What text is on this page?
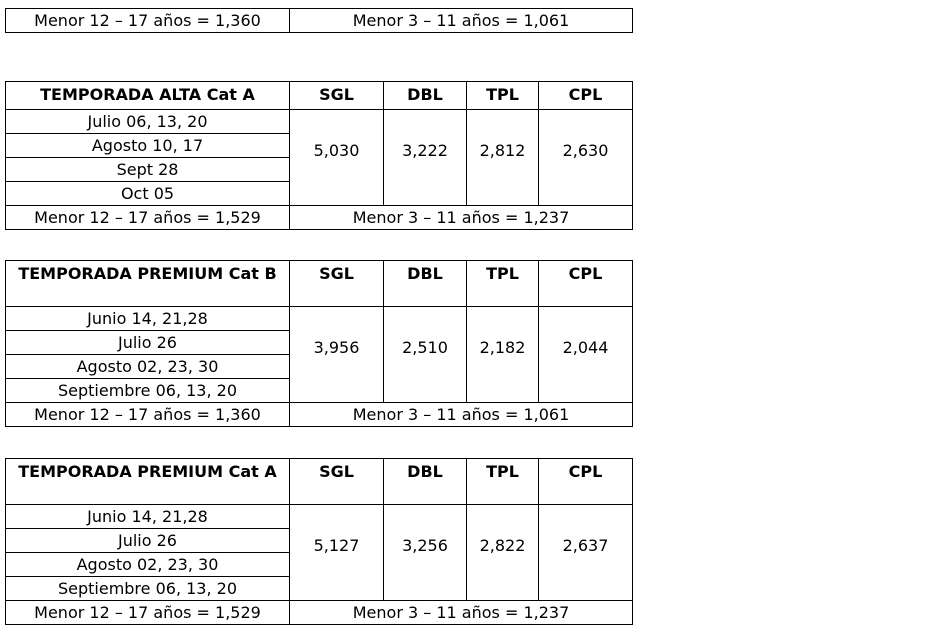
Menor 12 – 17 años = 1,360	Menor 3 – 11 años = 1,061
TEMPORADA ALTA Cat A	SGL	DBL	TPL	CPL
Julio 06, 13, 20	5,030	3,222	2,812	2,630
Agosto 10, 17				
Sept 28				
Oct 05				
Menor 12 – 17 años = 1,529	Menor 3 – 11 años = 1,237			
TEMPORADA PREMIUM Cat B	SGL	DBL	TPL	CPL
Junio 14, 21,28	3,956	2,510	2,182	2,044
Julio 26				
Agosto 02, 23, 30				
Septiembre 06, 13, 20				
Menor 12 – 17 años = 1,360	Menor 3 – 11 años = 1,061			
TEMPORADA PREMIUM Cat A	SGL	DBL	TPL	CPL
Junio 14, 21,28	5,127	3,256	2,822	2,637
Julio 26				
Agosto 02, 23, 30				
Septiembre 06, 13, 20				
Menor 12 – 17 años = 1,529	Menor 3 – 11 años = 1,237			
